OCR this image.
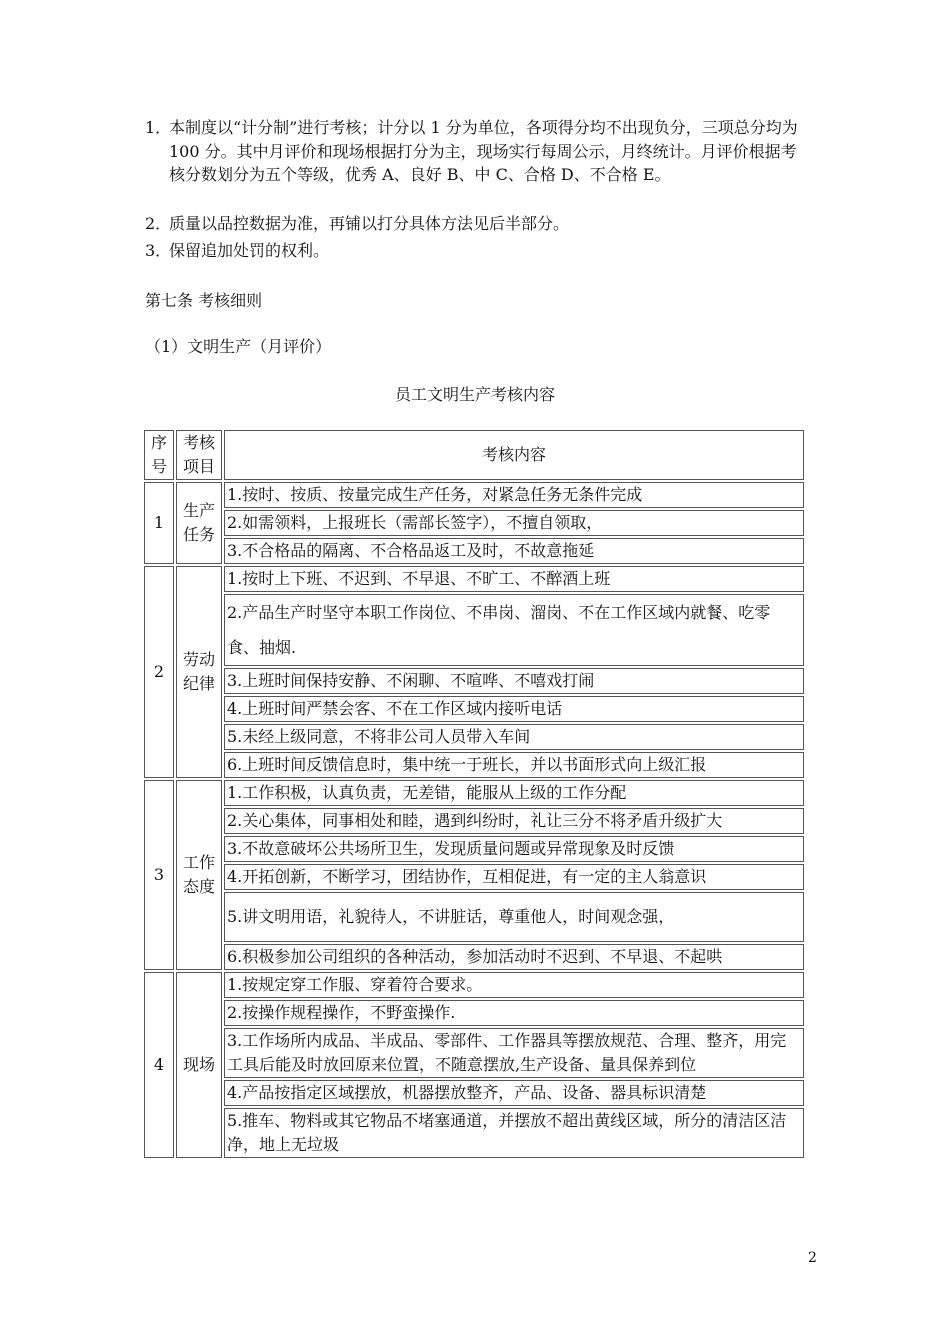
1．
本制度以“计分制”进行考核；计分以 1 分为单位，各项得分均不出现负分，三项总分均为 100 分。其中月评价和现场根据打分为主，现场实行每周公示，月终统计。月评价根据考核分数划分为五个等级，优秀 A、良好 B、中 C、合格 D、不合格 E。
2．
质量以品控数据为准，再铺以打分具体方法见后半部分。
3．
保留追加处罚的权利。
第七条 考核细则
（1）文明生产（月评价）
员工文明生产考核内容
序号	考核项目	考核内容
1	生产任务	1.按时、按质、按量完成生产任务，对紧急任务无条件完成
		2.如需领料，上报班长（需部长签字），不擅自领取，
		3.不合格品的隔离、不合格品返工及时，不故意拖延
2	劳动纪律	1.按时上下班、不迟到、不早退、不旷工、不醉酒上班
		2.产品生产时坚守本职工作岗位、不串岗、溜岗、不在工作区域内就餐、吃零食、抽烟.
		3.上班时间保持安静、不闲聊、不喧哗、不嘻戏打闹
		4.上班时间严禁会客、不在工作区域内接听电话
		5.未经上级同意，不将非公司人员带入车间
		6.上班时间反馈信息时，集中统一于班长，并以书面形式向上级汇报
3	工作态度	1.工作积极，认真负责，无差错，能服从上级的工作分配
		2.关心集体，同事相处和睦，遇到纠纷时，礼让三分不将矛盾升级扩大
		3.不故意破坏公共场所卫生，发现质量问题或异常现象及时反馈
		4.开拓创新，不断学习，团结协作，互相促进，有一定的主人翁意识
		5.讲文明用语，礼貌待人，不讲脏话，尊重他人，时间观念强，
		6.积极参加公司组织的各种活动，参加活动时不迟到、不早退、不起哄
4	现场	1.按规定穿工作服、穿着符合要求。
		2.按操作规程操作，不野蛮操作.
		3.工作场所内成品、半成品、零部件、工作器具等摆放规范、合理、整齐，用完工具后能及时放回原来位置，不随意摆放,生产设备、量具保养到位
		4.产品按指定区域摆放，机器摆放整齐，产品、设备、器具标识清楚
		5.推车、物料或其它物品不堵塞通道，并摆放不超出黄线区域，所分的清洁区洁净，地上无垃圾
2
